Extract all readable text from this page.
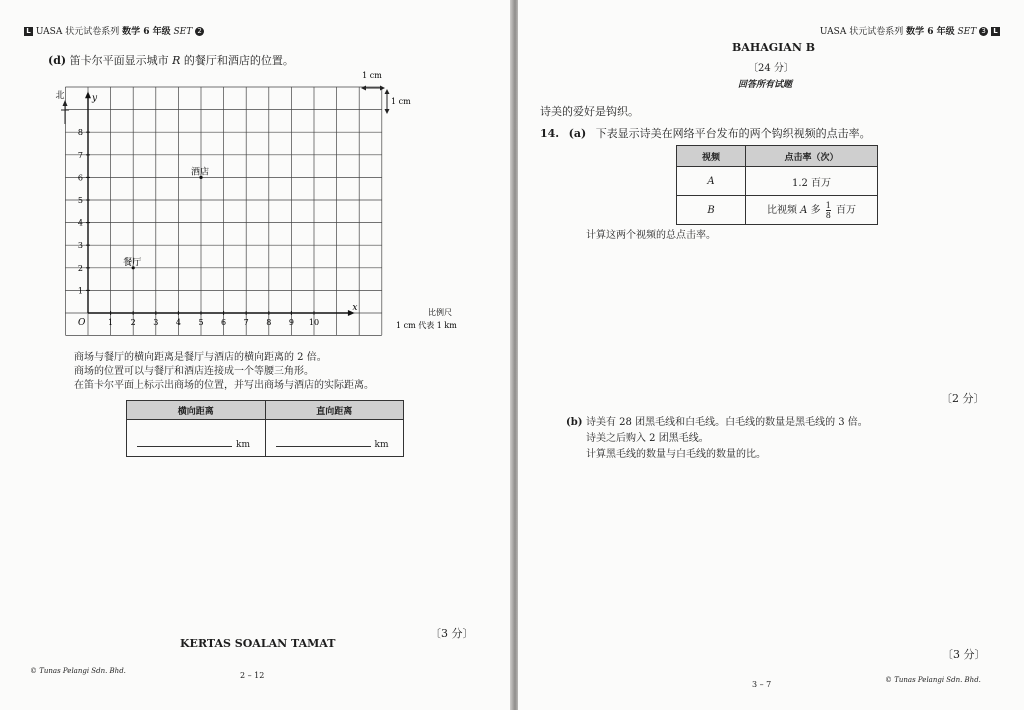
L UASA 状元试卷系列 数学 6 年级 SET 2
(d) 笛卡尔平面显示城市 R 的餐厅和酒店的位置。
北
1 cm
1 cm
比例尺
1 cm 代表 1 km
y
x
O	1 2 3 4 5 6 7 8 9 10
1
2
3
4
5
6
7
8
酒店
餐厅
商场与餐厅的横向距离是餐厅与酒店的横向距离的 2 倍。
商场的位置可以与餐厅和酒店连接成一个等腰三角形。
在笛卡尔平面上标示出商场的位置，并写出商场与酒店的实际距离。
横向距离	直向距离
km	km
〔3 分〕
KERTAS SOALAN TAMAT
© Tunas Pelangi Sdn. Bhd.	2 – 12
UASA 状元试卷系列 数学 6 年级 SET 3 L
BAHAGIAN B
〔24 分〕
回答所有试题
诗美的爱好是钩织。
14. (a) 下表显示诗美在网络平台发布的两个钩织视频的点击率。
视频	点击率（次）
A	1.2 百万
B	比视频 A 多 $\frac{1}{8}$ 百万
计算这两个视频的总点击率。
〔2 分〕
(b) 诗美有 28 团黑毛线和白毛线。白毛线的数量是黑毛线的 3 倍。
诗美之后购入 2 团黑毛线。
计算黑毛线的数量与白毛线的数量的比。
〔3 分〕
3 – 7	© Tunas Pelangi Sdn. Bhd.
